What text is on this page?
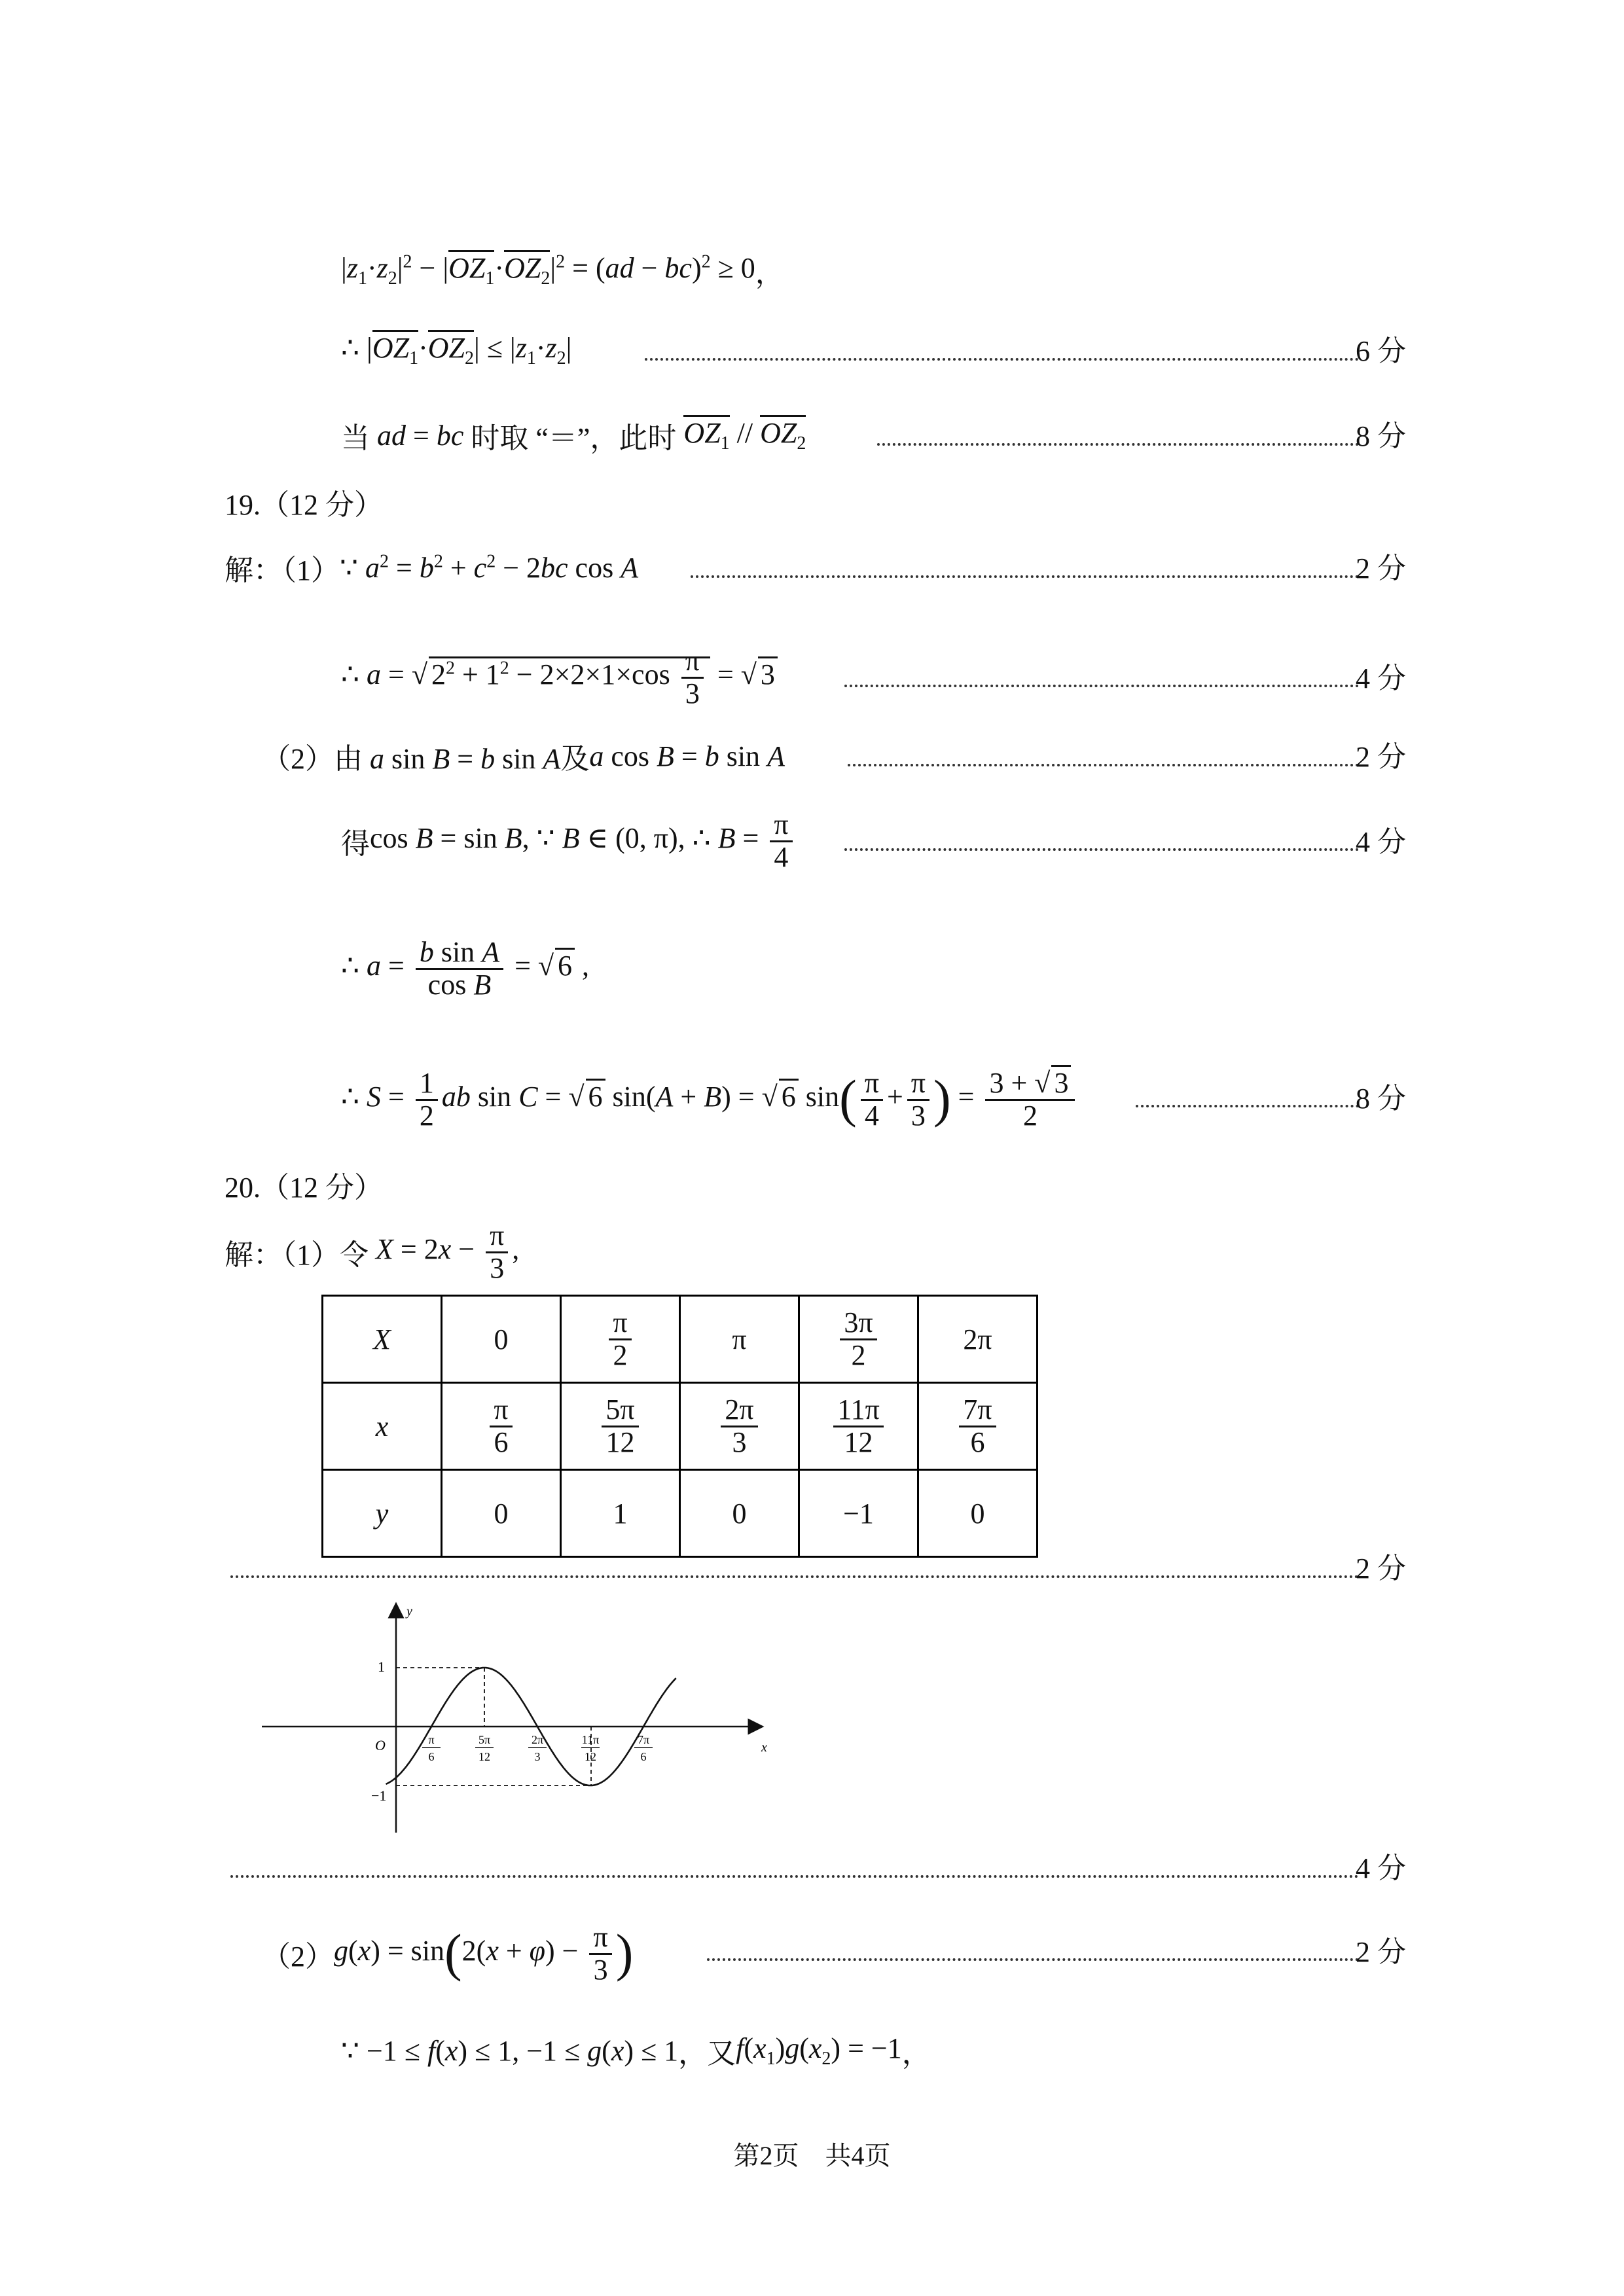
$|z_1\cdot z_2|^2 - |OZ_1\cdot OZ_2|^2 = (ad - bc)^2 \ge 0$ ，
∴ $|OZ_1\cdot OZ_2| \le |z_1\cdot z_2|$	6 分
当 ad = bc 时取 “＝”，此时 $OZ_1 // OZ_2$	8 分
19.（12 分）
解：（1） ∵ $a^2 = b^2 + c^2 - 2bc$ cos A	2 分
∴ a = √ $2^2 + 1^2 - 2\times 2\times 1\times\cos \frac{\pi}{3}$ = √ 3	4 分
（2） 由 a sin B = b sin A 及 a cos B = b sin A	2 分
得 cos B = sin B, ∵ B ∈ (0, π), ∴ $B = \frac{\pi}{4}$	4 分
∴ $a = \frac{\text{b sin A}}{\text{cos B}}$ = √ 6 ,
∴ $S = \frac{1}{2}$ ab sin C = √ 6 sin(A + B) = √ 6 $\sin( \frac{\pi}{4} + \frac{\pi}{3}$ ) = $\frac{3 + √ 3}{2}$	8 分
20.（12 分）
解：（1）令 $X = 2x - \frac{\pi}{3}$ ,
X	0	$\frac{\pi}{2}$	π	$\frac{3\pi}{2}$	2π
x	$\frac{\pi}{6}$	$\frac{5\pi}{12}$	$\frac{2\pi}{3}$	$\frac{11\pi}{12}$	$\frac{7\pi}{6}$

y	0	1	0	−1	0
2 分
y
x
O
1
−1
π
6
5π
12
2π
3
11π
12
7π
6
4 分
（2） $g(x) = \sin(2(x + \varphi) - \frac{\pi}{3}$ )	2 分
∵ −1 ≤ f(x) ≤ 1, −1 ≤ g(x) ≤ 1 ，又 $f(x_1)g(x_2) = -1$ ，
第2页 共4页
